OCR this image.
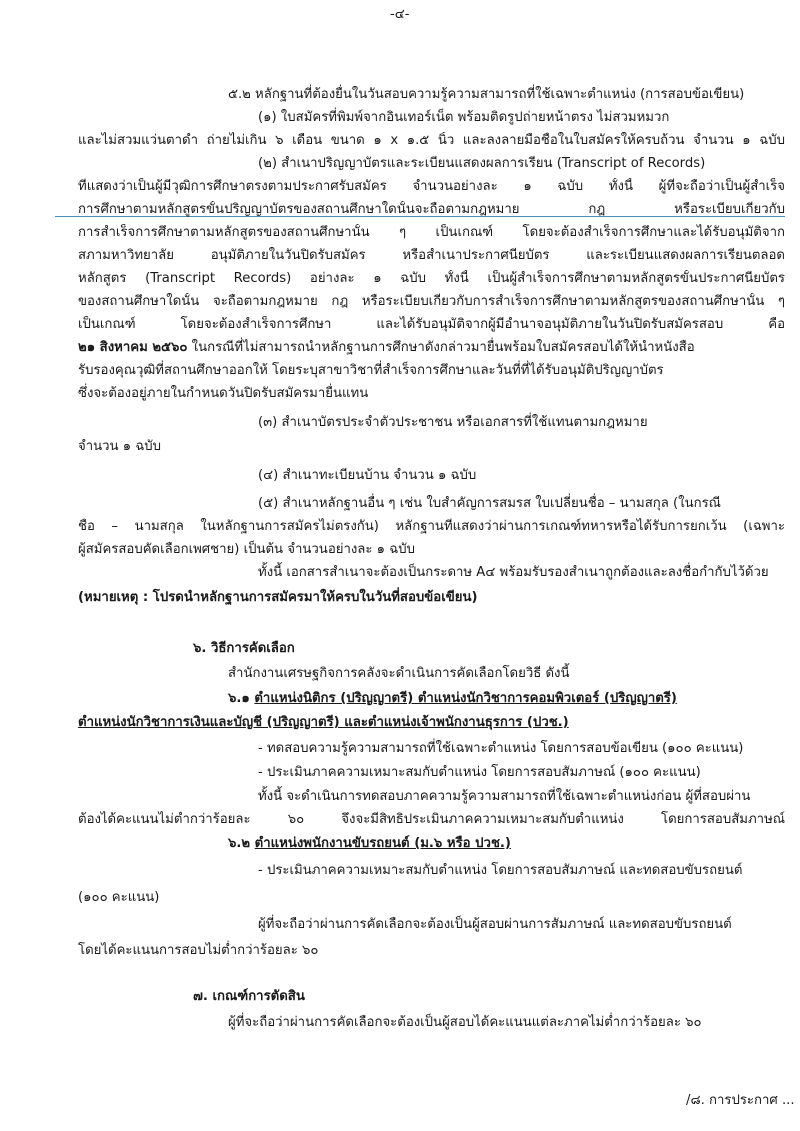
-๔-
๕.๒ หลักฐานที่ต้องยื่นในวันสอบความรู้ความสามารถที่ใช้เฉพาะตำแหน่ง (การสอบข้อเขียน)
(๑) ใบสมัครที่พิมพ์จากอินเทอร์เน็ต พร้อมติดรูปถ่ายหน้าตรง ไม่สวมหมวก
และไม่สวมแว่นตาดำ ถ่ายไม่เกิน ๖ เดือน ขนาด ๑ x ๑.๕ นิ้ว และลงลายมือชื่อในใบสมัครให้ครบถ้วน จำนวน ๑ ฉบับ
(๒) สำเนาปริญญาบัตรและระเบียนแสดงผลการเรียน (Transcript of Records)
ที่แสดงว่าเป็นผู้มีวุฒิการศึกษาตรงตามประกาศรับสมัคร จำนวนอย่างละ ๑ ฉบับ ทั้งนี้ ผู้ที่จะถือว่าเป็นผู้สำเร็จ
การศึกษาตามหลักสูตรขั้นปริญญาบัตรของสถานศึกษาใดนั้นจะถือตามกฎหมาย กฎ หรือระเบียบเกี่ยวกับ
การสำเร็จการศึกษาตามหลักสูตรของสถานศึกษานั้น ๆ เป็นเกณฑ์ โดยจะต้องสำเร็จการศึกษาและได้รับอนุมัติจาก
สภามหาวิทยาลัย อนุมัติภายในวันปิดรับสมัคร หรือสำเนาประกาศนียบัตร และระเบียนแสดงผลการเรียนตลอด
หลักสูตร (Transcript Records) อย่างละ ๑ ฉบับ ทั้งนี้ เป็นผู้สำเร็จการศึกษาตามหลักสูตรขั้นประกาศนียบัตร
ของสถานศึกษาใดนั้น จะถือตามกฎหมาย กฎ หรือระเบียบเกี่ยวกับการสำเร็จการศึกษาตามหลักสูตรของสถานศึกษานั้น ๆ
เป็นเกณฑ์ โดยจะต้องสำเร็จการศึกษา และได้รับอนุมัติจากผู้มีอำนาจอนุมัติภายในวันปิดรับสมัครสอบ คือ
๒๑ สิงหาคม ๒๕๖๐ ในกรณีที่ไม่สามารถนำหลักฐานการศึกษาดังกล่าวมายื่นพร้อมใบสมัครสอบได้ให้นำหนังสือ
รับรองคุณวุฒิที่สถานศึกษาออกให้ โดยระบุสาขาวิชาที่สำเร็จการศึกษาและวันที่ที่ได้รับอนุมัติปริญญาบัตร
ซึ่งจะต้องอยู่ภายในกำหนดวันปิดรับสมัครมายื่นแทน
(๓) สำเนาบัตรประจำตัวประชาชน หรือเอกสารที่ใช้แทนตามกฎหมาย
จำนวน ๑ ฉบับ
(๔) สำเนาทะเบียนบ้าน จำนวน ๑ ฉบับ
(๕) สำเนาหลักฐานอื่น ๆ เช่น ใบสำคัญการสมรส ใบเปลี่ยนชื่อ – นามสกุล (ในกรณี
ชื่อ – นามสกุล ในหลักฐานการสมัครไม่ตรงกัน) หลักฐานที่แสดงว่าผ่านการเกณฑ์ทหารหรือได้รับการยกเว้น (เฉพาะ
ผู้สมัครสอบคัดเลือกเพศชาย) เป็นต้น จำนวนอย่างละ ๑ ฉบับ
ทั้งนี้ เอกสารสำเนาจะต้องเป็นกระดาษ A๔ พร้อมรับรองสำเนาถูกต้องและลงชื่อกำกับไว้ด้วย
(หมายเหตุ : โปรดนำหลักฐานการสมัครมาให้ครบในวันที่สอบข้อเขียน)
๖. วิธีการคัดเลือก
สำนักงานเศรษฐกิจการคลังจะดำเนินการคัดเลือกโดยวิธี ดังนี้
๖.๑ ตำแหน่งนิติกร (ปริญญาตรี) ตำแหน่งนักวิชาการคอมพิวเตอร์ (ปริญญาตรี)
ตำแหน่งนักวิชาการเงินและบัญชี (ปริญญาตรี) และตำแหน่งเจ้าพนักงานธุรการ (ปวช.)
- ทดสอบความรู้ความสามารถที่ใช้เฉพาะตำแหน่ง โดยการสอบข้อเขียน (๑๐๐ คะแนน)
- ประเมินภาคความเหมาะสมกับตำแหน่ง โดยการสอบสัมภาษณ์ (๑๐๐ คะแนน)
ทั้งนี้ จะดำเนินการทดสอบภาคความรู้ความสามารถที่ใช้เฉพาะตำแหน่งก่อน ผู้ที่สอบผ่าน
ต้องได้คะแนนไม่ต่ำกว่าร้อยละ ๖๐ จึงจะมีสิทธิประเมินภาคความเหมาะสมกับตำแหน่ง โดยการสอบสัมภาษณ์
๖.๒ ตำแหน่งพนักงานขับรถยนต์ (ม.๖ หรือ ปวช.)
- ประเมินภาคความเหมาะสมกับตำแหน่ง โดยการสอบสัมภาษณ์ และทดสอบขับรถยนต์
(๑๐๐ คะแนน)
ผู้ที่จะถือว่าผ่านการคัดเลือกจะต้องเป็นผู้สอบผ่านการสัมภาษณ์ และทดสอบขับรถยนต์
โดยได้คะแนนการสอบไม่ต่ำกว่าร้อยละ ๖๐
๗. เกณฑ์การตัดสิน
ผู้ที่จะถือว่าผ่านการคัดเลือกจะต้องเป็นผู้สอบได้คะแนนแต่ละภาคไม่ต่ำกว่าร้อยละ ๖๐
/๘. การประกาศ ...
